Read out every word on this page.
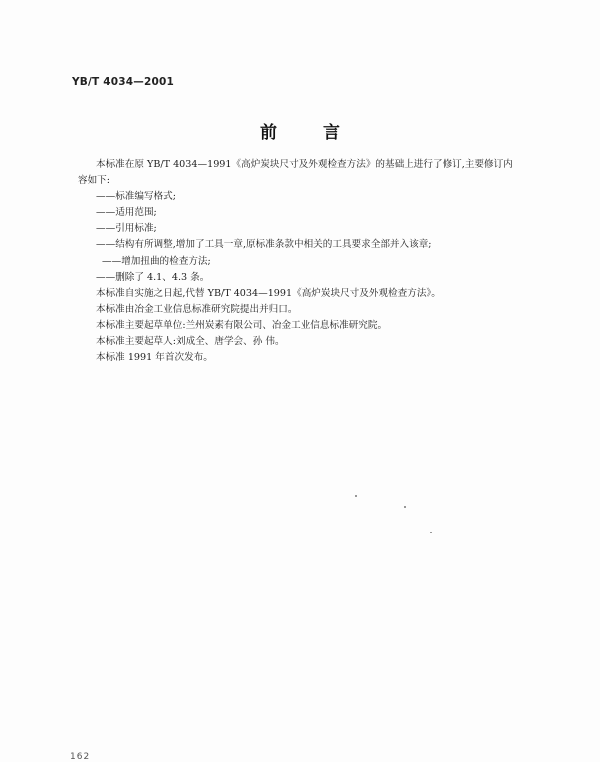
YB/T 4034—2001
前言
本标准在原 YB/T 4034—1991《高炉炭块尺寸及外观检查方法》的基础上进行了修订,主要修订内
容如下:
——标准编写格式;
——适用范围;
——引用标准;
——结构有所调整,增加了工具一章,原标准条款中相关的工具要求全部并入该章;
——增加扭曲的检查方法;
——删除了 4.1、4.3 条。
本标准自实施之日起,代替 YB/T 4034—1991《高炉炭块尺寸及外观检查方法》。
本标准由冶金工业信息标准研究院提出并归口。
本标准主要起草单位:兰州炭素有限公司、冶金工业信息标准研究院。
本标准主要起草人:刘成全、唐学会、孙 伟。
本标准 1991 年首次发布。
162
